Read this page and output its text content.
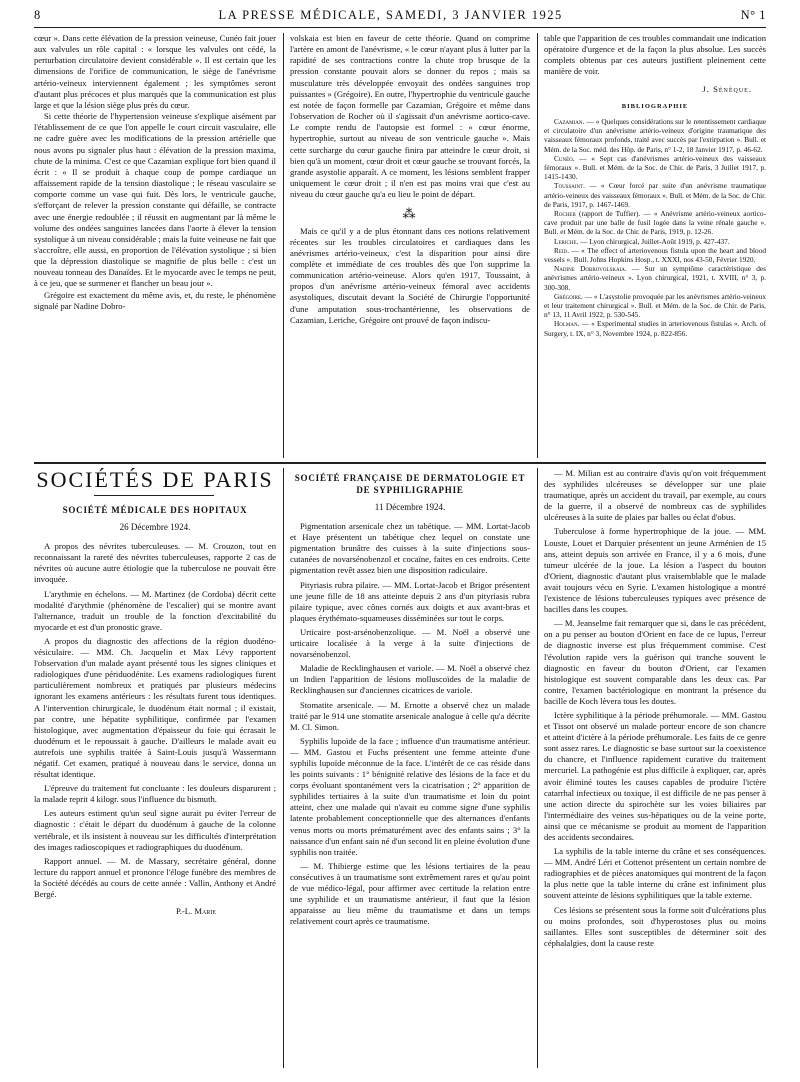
8	LA PRESSE MÉDICALE, SAMEDI, 3 JANVIER 1925	N° 1

cœur ». Dans cette élévation de la pression veineuse, Cunéo fait jouer aux valvules un rôle capital : « lorsque les valvules ont cédé, la perturbation circulatoire devient considérable ». Il est certain que les dimensions de l'orifice de communication, le siège de l'anévrisme artério-veineux interviennent également ; les symptômes seront d'autant plus précoces et plus marqués que la communication est plus large et que la lésion siège plus près du cœur.

Si cette théorie de l'hypertension veineuse s'explique aisément par l'établissement de ce que l'on appelle le court circuit vasculaire, elle ne cadre guère avec les modifications de la pression artérielle que nous avons pu signaler plus haut : élévation de la pression maxima, chute de la minima. C'est ce que Cazamian explique fort bien quand il écrit : « Il se produit à chaque coup de pompe cardiaque un affaissement rapide de la tension diastolique ; le réseau vasculaire se comporte comme un vase qui fuit. Dès lors, le ventricule gauche, s'efforçant de relever la pression constante qui défaille, se contracte avec une énergie redoublée ; il réussit en augmentant par là même le volume des ondées sanguines lancées dans l'aorte à élever la tension systolique à un niveau considérable ; mais la fuite veineuse ne fait que s'accroître, elle aussi, en proportion de l'élévation systolique ; si bien que la dépression diastolique se magnifie de plus belle : c'est un nouveau tonneau des Danaïdes. Et le myocarde avec le temps ne peut, à ce jeu, que se surmener et flancher un beau jour ».

Grégoire est exactement du même avis, et, du reste, le phénomène signalé par Nadine Dobro-

volskaia est bien en faveur de cette théorie. Quand on comprime l'artère en amont de l'anévrisme, « le cœur n'ayant plus à lutter par la rapidité de ses contractions contre la chute trop brusque de la pression constante pouvait alors se donner du repos ; mais sa musculature très développée envoyait des ondées sanguines trop puissantes » (Grégoire). En outre, l'hypertrophie du ventricule gauche est notée de façon formelle par Cazamian, Grégoire et même dans l'observation de Rocher où il s'agissait d'un anévrisme aortico-cave. Le compte rendu de l'autopsie est formel : « cœur énorme, hypertrophie, surtout au niveau de son ventricule gauche ». Mais cette surcharge du cœur gauche finira par atteindre le cœur droit, si bien qu'à un moment, cœur droit et cœur gauche se trouvant forcés, la grande asystolie apparaît. A ce moment, les lésions semblent frapper uniquement le cœur droit ; il n'en est pas moins vrai que c'est au niveau du cœur gauche qu'a eu lieu le point de départ.

⁂

Mais ce qu'il y a de plus étonnant dans ces notions relativement récentes sur les troubles circulatoires et cardiaques dans les anévrismes artério-veineux, c'est la disparition pour ainsi dire complète et immédiate de ces troubles dès que l'on supprime la communication artério-veineuse. Alors qu'en 1917, Toussaint, à propos d'un anévrisme artério-veineux fémoral avec accidents asystoliques, discutait devant la Société de Chirurgie l'opportunité d'une amputation sous-trochantérienne, les observations de Cazamian, Leriche, Grégoire ont prouvé de façon indiscu-

table que l'apparition de ces troubles commandait une indication opératoire d'urgence et de la façon la plus absolue. Les succès complets obtenus par ces auteurs justifient pleinement cette manière de voir.

J. Sénèque.
BIBLIOGRAPHIE

Cazamian. — « Quelques considérations sur le retentissement cardiaque et circulatoire d'un anévrisme artério-veineux d'origine traumatique des vaisseaux fémoraux profonds, traité avec succès par l'extirpation ». Bull. et Mém. de la Soc. méd. des Hôp. de Paris, n° 1-2, 18 Janvier 1917, p. 46-62.

Cunéo. — « Sept cas d'anévrismes artério-veineux des vaisseaux fémoraux ». Bull. et Mém. de la Soc. de Chir. de Paris, 3 Juillet 1917, p. 1415-1430.

Toussaint. — « Cœur forcé par suite d'un anévrisme traumatique artério-veineux des vaisseaux fémoraux ». Bull. et Mém. de la Soc. de Chir. de Paris, 1917, p. 1467-1469.

Rocher (rapport de Tuffier). — « Anévrisme artério-veineux aortico-cave produit par une balle de fusil logée dans la veine rénale gauche ». Bull. et Mém. de la Soc. de Chir. de Paris, 1919, p. 12-26.

Leriche. — Lyon chirurgical, Juillet-Août 1919, p. 427-437.

Reid. — « The effect of arteriovenous fistula upon the heart and blood vessels ». Bull. Johns Hopkins Hosp., t. XXXI, nos 43-50, Février 1920.

Nadine Dobrovolskaia. — Sur un symptôme caractéristique des anévrismes artério-veineux ». Lyon chirurgical, 1921, t. XVIII, n° 3, p. 300-308.

Grégoire. — « L'asystolie provoquée par les anévrismes artério-veineux et leur traitement chirurgical ». Bull. et Mém. de la Soc. de Chir. de Paris, n° 13, 11 Avril 1922, p. 530-545.

Holman. — « Experimental studies in arteriovenous fistulas ». Arch. of Surgery, t. IX, n° 3, Novembre 1924, p. 822-856.

SOCIÉTÉS DE PARIS
SOCIÉTÉ MÉDICALE DES HOPITAUX
26 Décembre 1924.

A propos des névrites tuberculeuses. — M. Crouzon, tout en reconnaissant la rareté des névrites tuberculeuses, rapporte 2 cas de névrites où aucune autre étiologie que la tuberculose ne pouvait être invoquée.

L'arythmie en échelons. — M. Martinez (de Cordoba) décrit cette modalité d'arythmie (phénomène de l'escalier) qui se montre avant l'alternance, traduit un trouble de la fonction d'excitabilité du myocarde et est d'un pronostic grave.

A propos du diagnostic des affections de la région duodéno-vésiculaire. — MM. Ch. Jacquelin et Max Lévy rapportent l'observation d'un malade ayant présenté tous les signes cliniques et radiologiques d'une périduodénite. Les examens radiologiques furent particulièrement nombreux et pratiqués par plusieurs médecins ignorant les examens antérieurs : les résultats furent tous identiques. A l'intervention chirurgicale, le duodénum était normal ; il existait, par contre, une hépatite syphilitique, confirmée par l'examen histologique, avec augmentation d'épaisseur du foie qui écrasait le duodénum et le repoussait à gauche. D'ailleurs le malade avait eu autrefois une syphilis traitée à Saint-Louis jusqu'à Wassermann négatif. Cet examen, pratiqué à nouveau dans le service, donna un résultat identique.

L'épreuve du traitement fut concluante : les douleurs disparurent ; la malade reprit 4 kilogr. sous l'influence du bismuth.

Les auteurs estiment qu'un seul signe aurait pu éviter l'erreur de diagnostic : c'était le départ du duodénum à gauche de la colonne vertébrale, et ils insistent à nouveau sur les difficultés d'interprétation des images radioscopiques et radiographiques du duodénum.

Rapport annuel. — M. de Massary, secrétaire général, donne lecture du rapport annuel et prononce l'éloge funèbre des membres de la Société décédés au cours de cette année : Vallin, Anthony et André Bergé.

P.-L. Marie
SOCIÉTÉ FRANÇAISE DE DERMATOLOGIE ET DE SYPHILIGRAPHIE
11 Décembre 1924.

Pigmentation arsenicale chez un tabétique. — MM. Lortat-Jacob et Haye présentent un tabétique chez lequel on constate une pigmentation brunâtre des cuisses à la suite d'injections sous-cutanées de novarsénobenzol et cocaïne, faites en ces endroits. Cette pigmentation revêt assez bien une disposition radiculaire.

Pityriasis rubra pilaire. — MM. Lortat-Jacob et Brigor présentent une jeune fille de 18 ans atteinte depuis 2 ans d'un pityriasis rubra pilaire typique, avec cônes cornés aux doigts et aux avant-bras et plaques érythémato-squameuses disséminées sur tout le corps.

Urticaire post-arsénobenzolique. — M. Noël a observé une urticaire localisée à la verge à la suite d'injections de novarsénobenzol.

Maladie de Recklinghausen et variole. — M. Noël a observé chez un Indien l'apparition de lésions molluscoïdes de la maladie de Recklinghausen sur d'anciennes cicatrices de variole.

Stomatite arsenicale. — M. Ernotte a observé chez un malade traité par le 914 une stomatite arsenicale analogue à celle qu'a décrite M. Cl. Simon.

Syphilis lupoïde de la face ; influence d'un traumatisme antérieur. — MM. Gastou et Fuchs présentent une femme atteinte d'une syphilis lupoïde méconnue de la face. L'intérêt de ce cas réside dans les points suivants : 1° bénignité relative des lésions de la face et du corps évoluant spontanément vers la cicatrisation ; 2° apparition de syphilides tertiaires à la suite d'un traumatisme et loin du point atteint, chez une malade qui n'avait eu comme signe d'une syphilis latente probablement conceptionnelle que des alternances d'enfants venus morts ou morts prématurément avec des enfants sains ; 3° la naissance d'un enfant sain né d'un second lit en pleine évolution d'une syphilis non traitée.

— M. Thibierge estime que les lésions tertiaires de la peau consécutives à un traumatisme sont extrêmement rares et qu'au point de vue médico-légal, pour affirmer avec certitude la relation entre une syphilide et un traumatisme antérieur, il faut que la lésion apparaisse au lieu même du traumatisme et dans un temps relativement court après ce traumatisme.

— M. Milian est au contraire d'avis qu'on voit fréquemment des syphilides ulcéreuses se développer sur une plaie traumatique, après un accident du travail, par exemple, au cours de la guerre, il a observé de nombreux cas de syphilides ulcéreuses à la suite de plaies par balles ou éclat d'obus.

Tuberculose à forme hypertrophique de la joue. — MM. Louste, Louet et Darquier présentent un jeune Arménien de 15 ans, atteint depuis son arrivée en France, il y a 6 mois, d'une tumeur ulcérée de la joue. La lésion a l'aspect du bouton d'Orient, diagnostic d'autant plus vraisemblable que le malade avait toujours vécu en Syrie. L'examen histologique a montré l'existence de lésions tuberculeuses typiques avec présence de bacilles dans les coupes.

— M. Jeanselme fait remarquer que si, dans le cas précédent, on a pu penser au bouton d'Orient en face de ce lupus, l'erreur de diagnostic inverse est plus fréquemment commise. C'est l'évolution rapide vers la guérison qui tranche souvent le diagnostic en faveur du bouton d'Orient, car l'examen histologique est souvent comparable dans les deux cas. Par contre, l'examen bactériologique en montrant la présence du bacille de Koch lèvera tous les doutes.

Ictère syphilitique à la période préhumorale. — MM. Gastou et Tissot ont observé un malade porteur encore de son chancre et atteint d'ictère à la période préhumorale. Les faits de ce genre sont assez rares. Le diagnostic se base surtout sur la coexistence du chancre, et l'influence rapidement curative du traitement mercuriel. La pathogénie est plus difficile à expliquer, car, après avoir éliminé toutes les causes capables de produire l'ictère catarrhal infectieux ou toxique, il est difficile de ne pas penser à une action directe du spirochète sur les voies biliaires par l'intermédiaire des veines sus-hépatiques ou de la veine porte, ainsi que ce mécanisme se produit au moment de l'apparition des accidents secondaires.

La syphilis de la table interne du crâne et ses conséquences. — MM. André Léri et Cottenot présentent un certain nombre de radiographies et de pièces anatomiques qui montrent de la façon la plus nette que la table interne du crâne est infiniment plus souvent atteinte de lésions syphilitiques que la table externe.

Ces lésions se présentent sous la forme soit d'ulcérations plus ou moins profondes, soit d'hyperostoses plus ou moins saillantes. Elles sont susceptibles de déterminer soit des céphalalgies, dont la cause reste
